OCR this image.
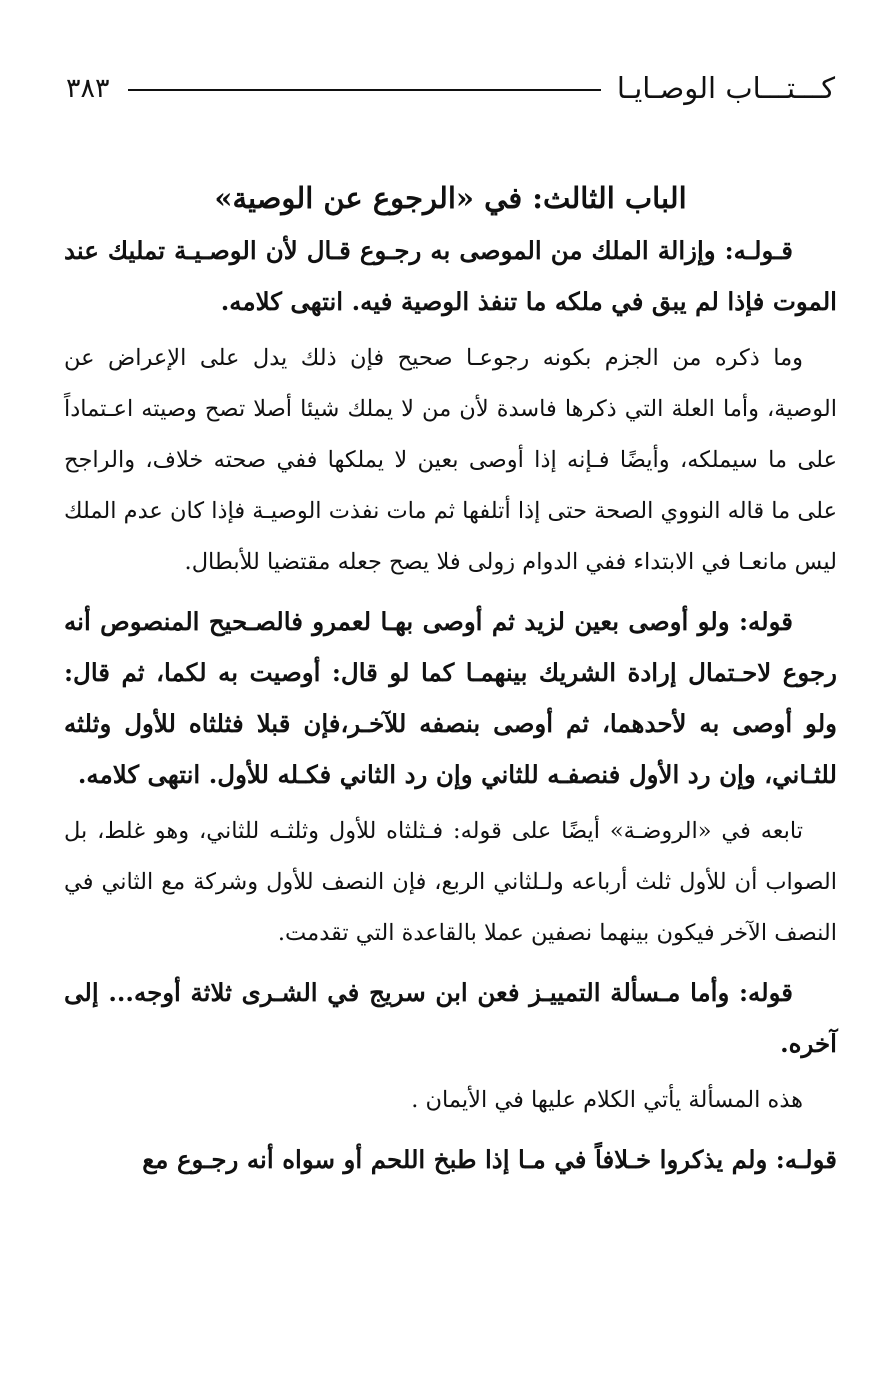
كـــتـــاب الوصـايـا
٣٨٣
الباب الثالث: في «الرجوع عن الوصية»

قـولـه: وإزالة الملك من الموصى به رجـوع قـال لأن الوصـيـة تمليك عند الموت فإذا لم يبق في ملكه ما تنفذ الوصية فيه. انتهى كلامه.

وما ذكره من الجزم بكونه رجوعـا صحيح فإن ذلك يدل على الإعراض عن الوصية، وأما العلة التي ذكرها فاسدة لأن من لا يملك شيئا أصلا تصح وصيته اعـتماداً على ما سيملكه، وأيضًا فـإنه إذا أوصى بعين لا يملكها ففي صحته خلاف، والراجح على ما قاله النووي الصحة حتى إذا أتلفها ثم مات نفذت الوصيـة فإذا كان عدم الملك ليس مانعـا في الابتداء ففي الدوام زولى فلا يصح جعله مقتضيا للأبطال.

قوله: ولو أوصى بعين لزيد ثم أوصى بهـا لعمرو فالصـحيح المنصوص أنه رجوع لاحـتمال إرادة الشريك بينهمـا كما لو قال: أوصيت به لكما، ثم قال: ولو أوصى به لأحدهما، ثم أوصى بنصفه للآخـر،فإن قبلا فثلثاه للأول وثلثه للثـاني، وإن رد الأول فنصفـه للثاني وإن رد الثاني فكـله للأول. انتهى كلامه.

تابعه في «الروضـة» أيضًا على قوله: فـثلثاه للأول وثلثـه للثاني، وهو غلط، بل الصواب أن للأول ثلث أرباعه ولـلثاني الربع، فإن النصف للأول وشركة مع الثاني في النصف الآخر فيكون بينهما نصفين عملا بالقاعدة التي تقدمت.

قوله: وأما مـسألة التمييـز فعن ابن سريج في الشـرى ثلاثة أوجه... إلى آخره.

هذه المسألة يأتي الكلام عليها في الأيمان .

قولـه: ولم يذكروا خـلافاً في مـا إذا طبخ اللحم أو سواه أنه رجـوع مع
